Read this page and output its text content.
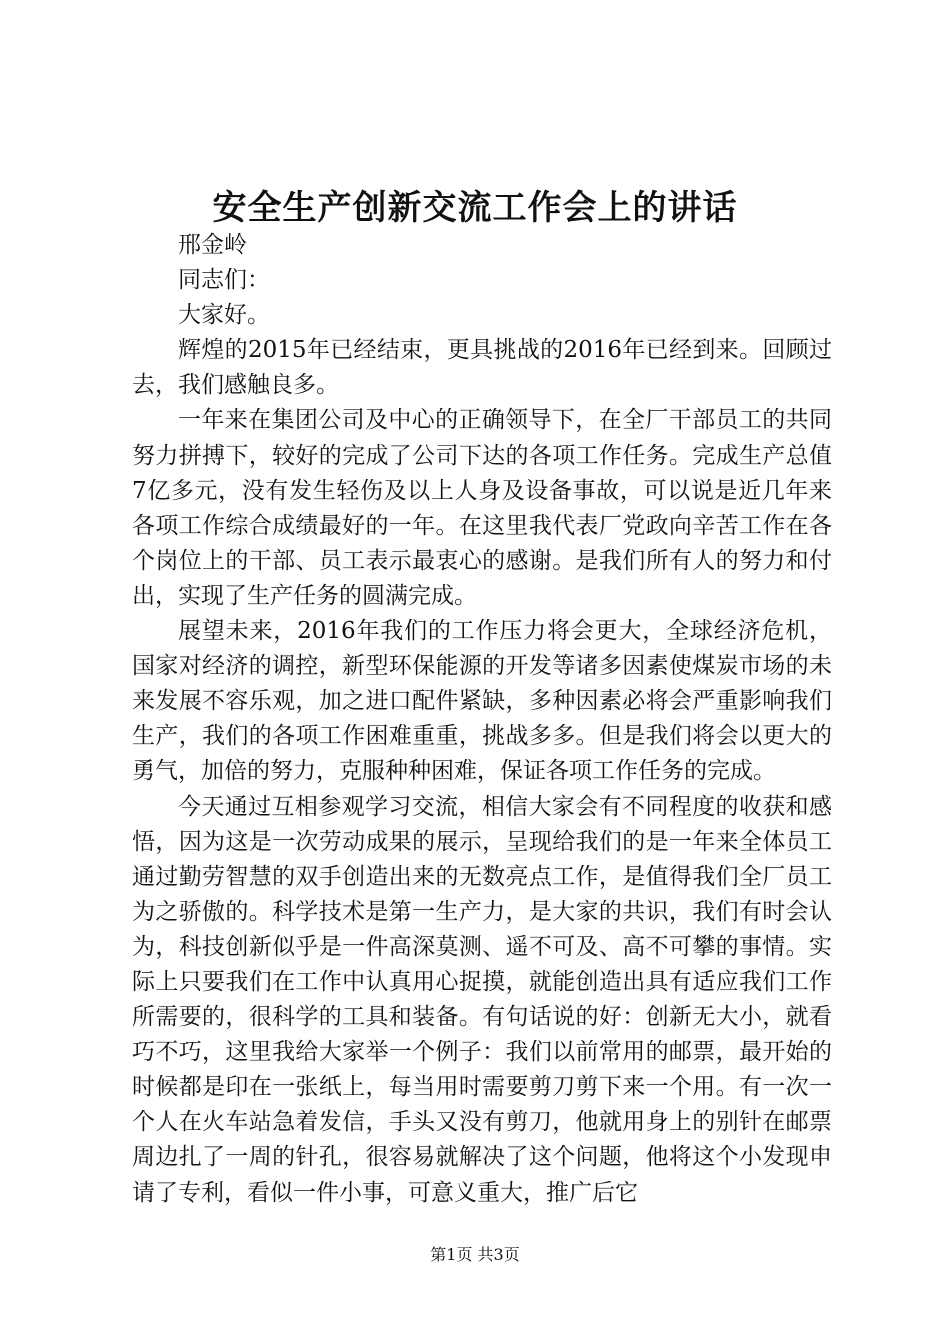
安全生产创新交流工作会上的讲话

邢金岭

同志们：

大家好。

辉煌的2015年已经结束，更具挑战的2016年已经到来。回顾过去，我们感触良多。

一年来在集团公司及中心的正确领导下，在全厂干部员工的共同努力拼搏下，较好的完成了公司下达的各项工作任务。完成生产总值7亿多元，没有发生轻伤及以上人身及设备事故，可以说是近几年来各项工作综合成绩最好的一年。在这里我代表厂党政向辛苦工作在各个岗位上的干部、员工表示最衷心的感谢。是我们所有人的努力和付出，实现了生产任务的圆满完成。

展望未来，2016年我们的工作压力将会更大，全球经济危机，国家对经济的调控，新型环保能源的开发等诸多因素使煤炭市场的未来发展不容乐观，加之进口配件紧缺，多种因素必将会严重影响我们生产，我们的各项工作困难重重，挑战多多。但是我们将会以更大的勇气，加倍的努力，克服种种困难，保证各项工作任务的完成。

今天通过互相参观学习交流，相信大家会有不同程度的收获和感悟，因为这是一次劳动成果的展示，呈现给我们的是一年来全体员工通过勤劳智慧的双手创造出来的无数亮点工作，是值得我们全厂员工为之骄傲的。科学技术是第一生产力，是大家的共识，我们有时会认为，科技创新似乎是一件高深莫测、遥不可及、高不可攀的事情。实际上只要我们在工作中认真用心捉摸，就能创造出具有适应我们工作所需要的，很科学的工具和装备。有句话说的好：创新无大小，就看巧不巧，这里我给大家举一个例子：我们以前常用的邮票，最开始的时候都是印在一张纸上，每当用时需要剪刀剪下来一个用。有一次一个人在火车站急着发信，手头又没有剪刀，他就用身上的别针在邮票周边扎了一周的针孔，很容易就解决了这个问题，他将这个小发现申请了专利，看似一件小事，可意义重大，推广后它

第1页 共3页
